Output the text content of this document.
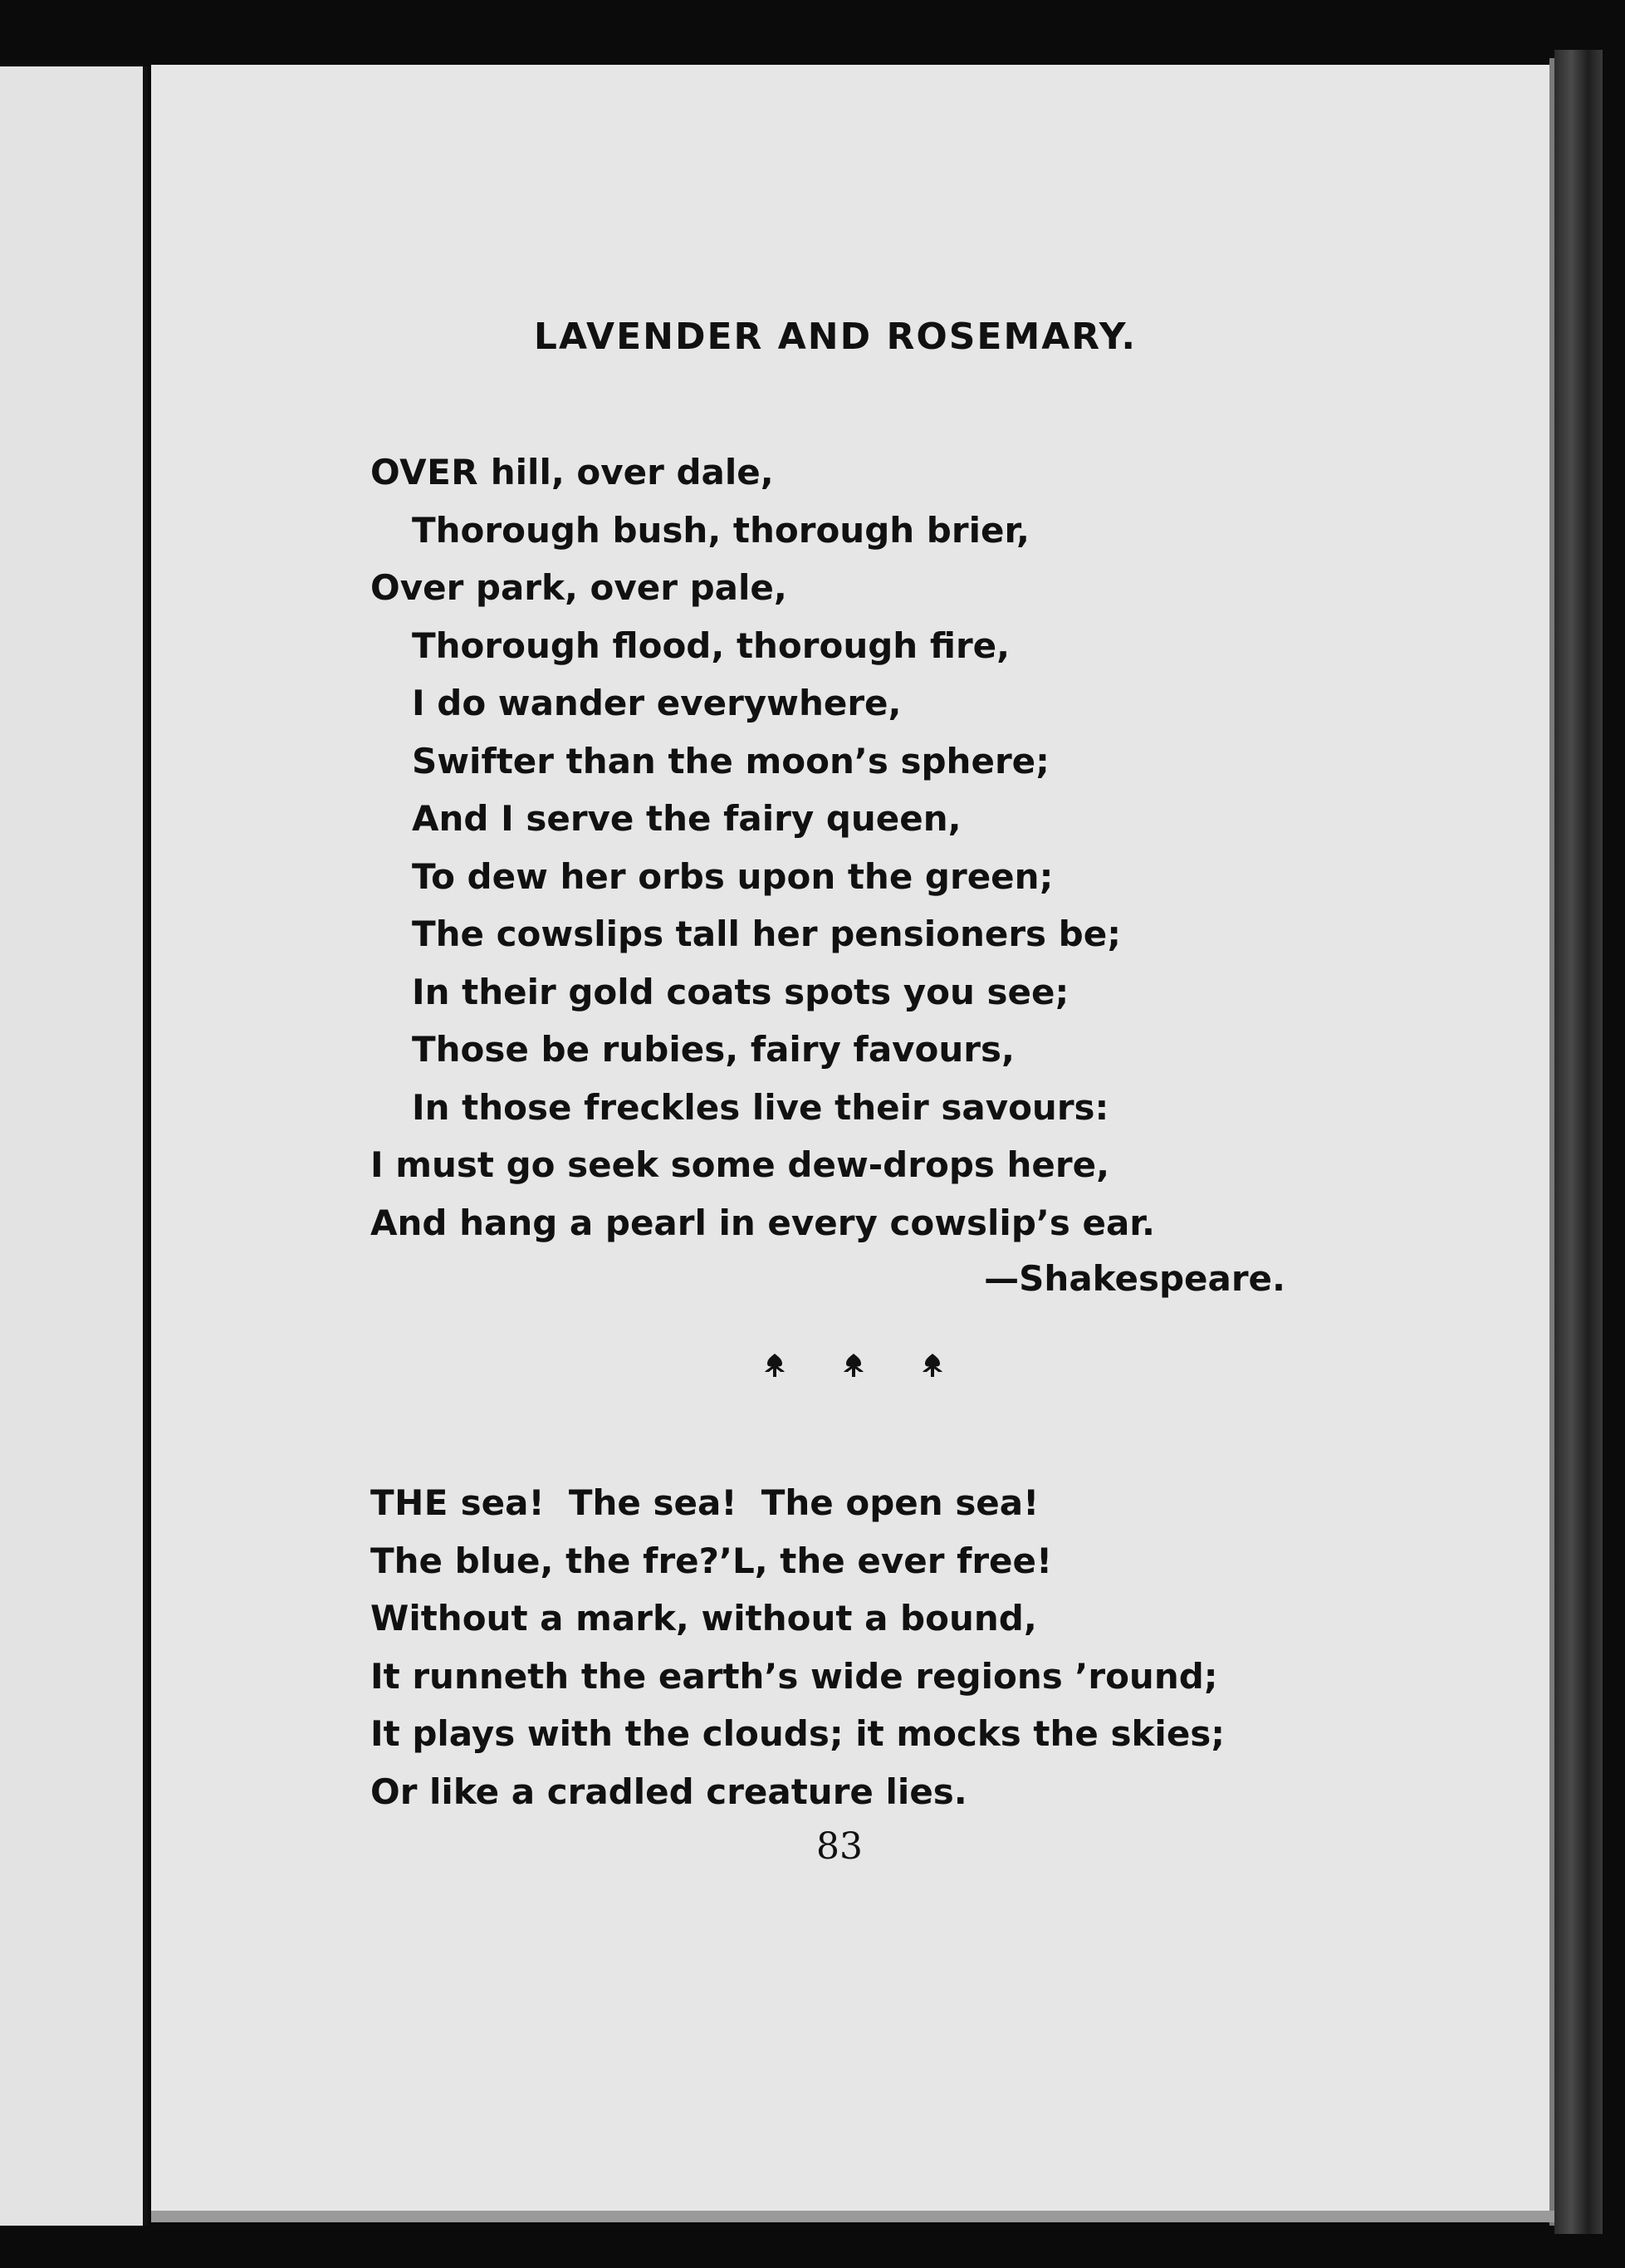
LAVENDER AND ROSEMARY.
OVER hill, over dale,
Thorough bush, thorough brier,
Over park, over pale,
Thorough flood, thorough fire,
I do wander everywhere,
Swifter than the moon’s sphere;
And I serve the fairy queen,
To dew her orbs upon the green;
The cowslips tall her pensioners be;
In their gold coats spots you see;
Those be rubies, fairy favours,
In those freckles live their savours:
I must go seek some dew-drops here,
And hang a pearl in every cowslip’s ear.
—Shakespeare.
THE sea!  The sea!  The open sea!
The blue, the fre?’L, the ever free!
Without a mark, without a bound,
It runneth the earth’s wide regions ’round;
It plays with the clouds; it mocks the skies;
Or like a cradled creature lies.
83
